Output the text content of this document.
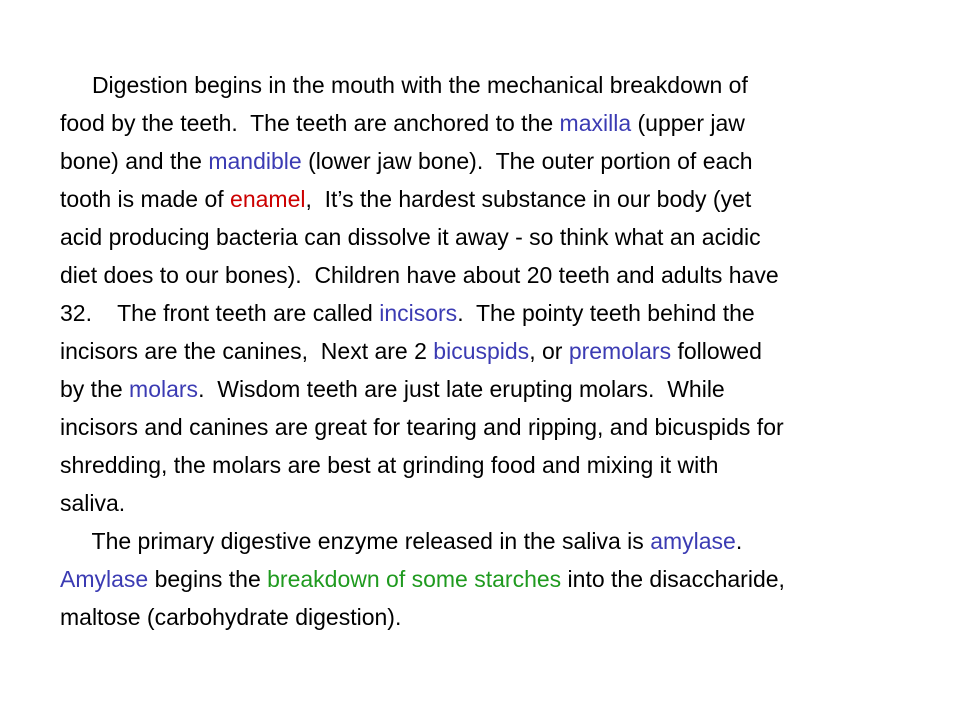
Digestion begins in the mouth with the mechanical breakdown of
food by the teeth.  The teeth are anchored to the maxilla (upper jaw
bone) and the mandible (lower jaw bone).  The outer portion of each
tooth is made of enamel,  It’s the hardest substance in our body (yet
acid producing bacteria can dissolve it away - so think what an acidic
diet does to our bones).  Children have about 20 teeth and adults have
32.    The front teeth are called incisors.  The pointy teeth behind the
incisors are the canines,  Next are 2 bicuspids, or premolars followed
by the molars.  Wisdom teeth are just late erupting molars.  While
incisors and canines are great for tearing and ripping, and bicuspids for
shredding, the molars are best at grinding food and mixing it with
saliva.
The primary digestive enzyme released in the saliva is amylase.
Amylase begins the breakdown of some starches into the disaccharide,
maltose (carbohydrate digestion).
